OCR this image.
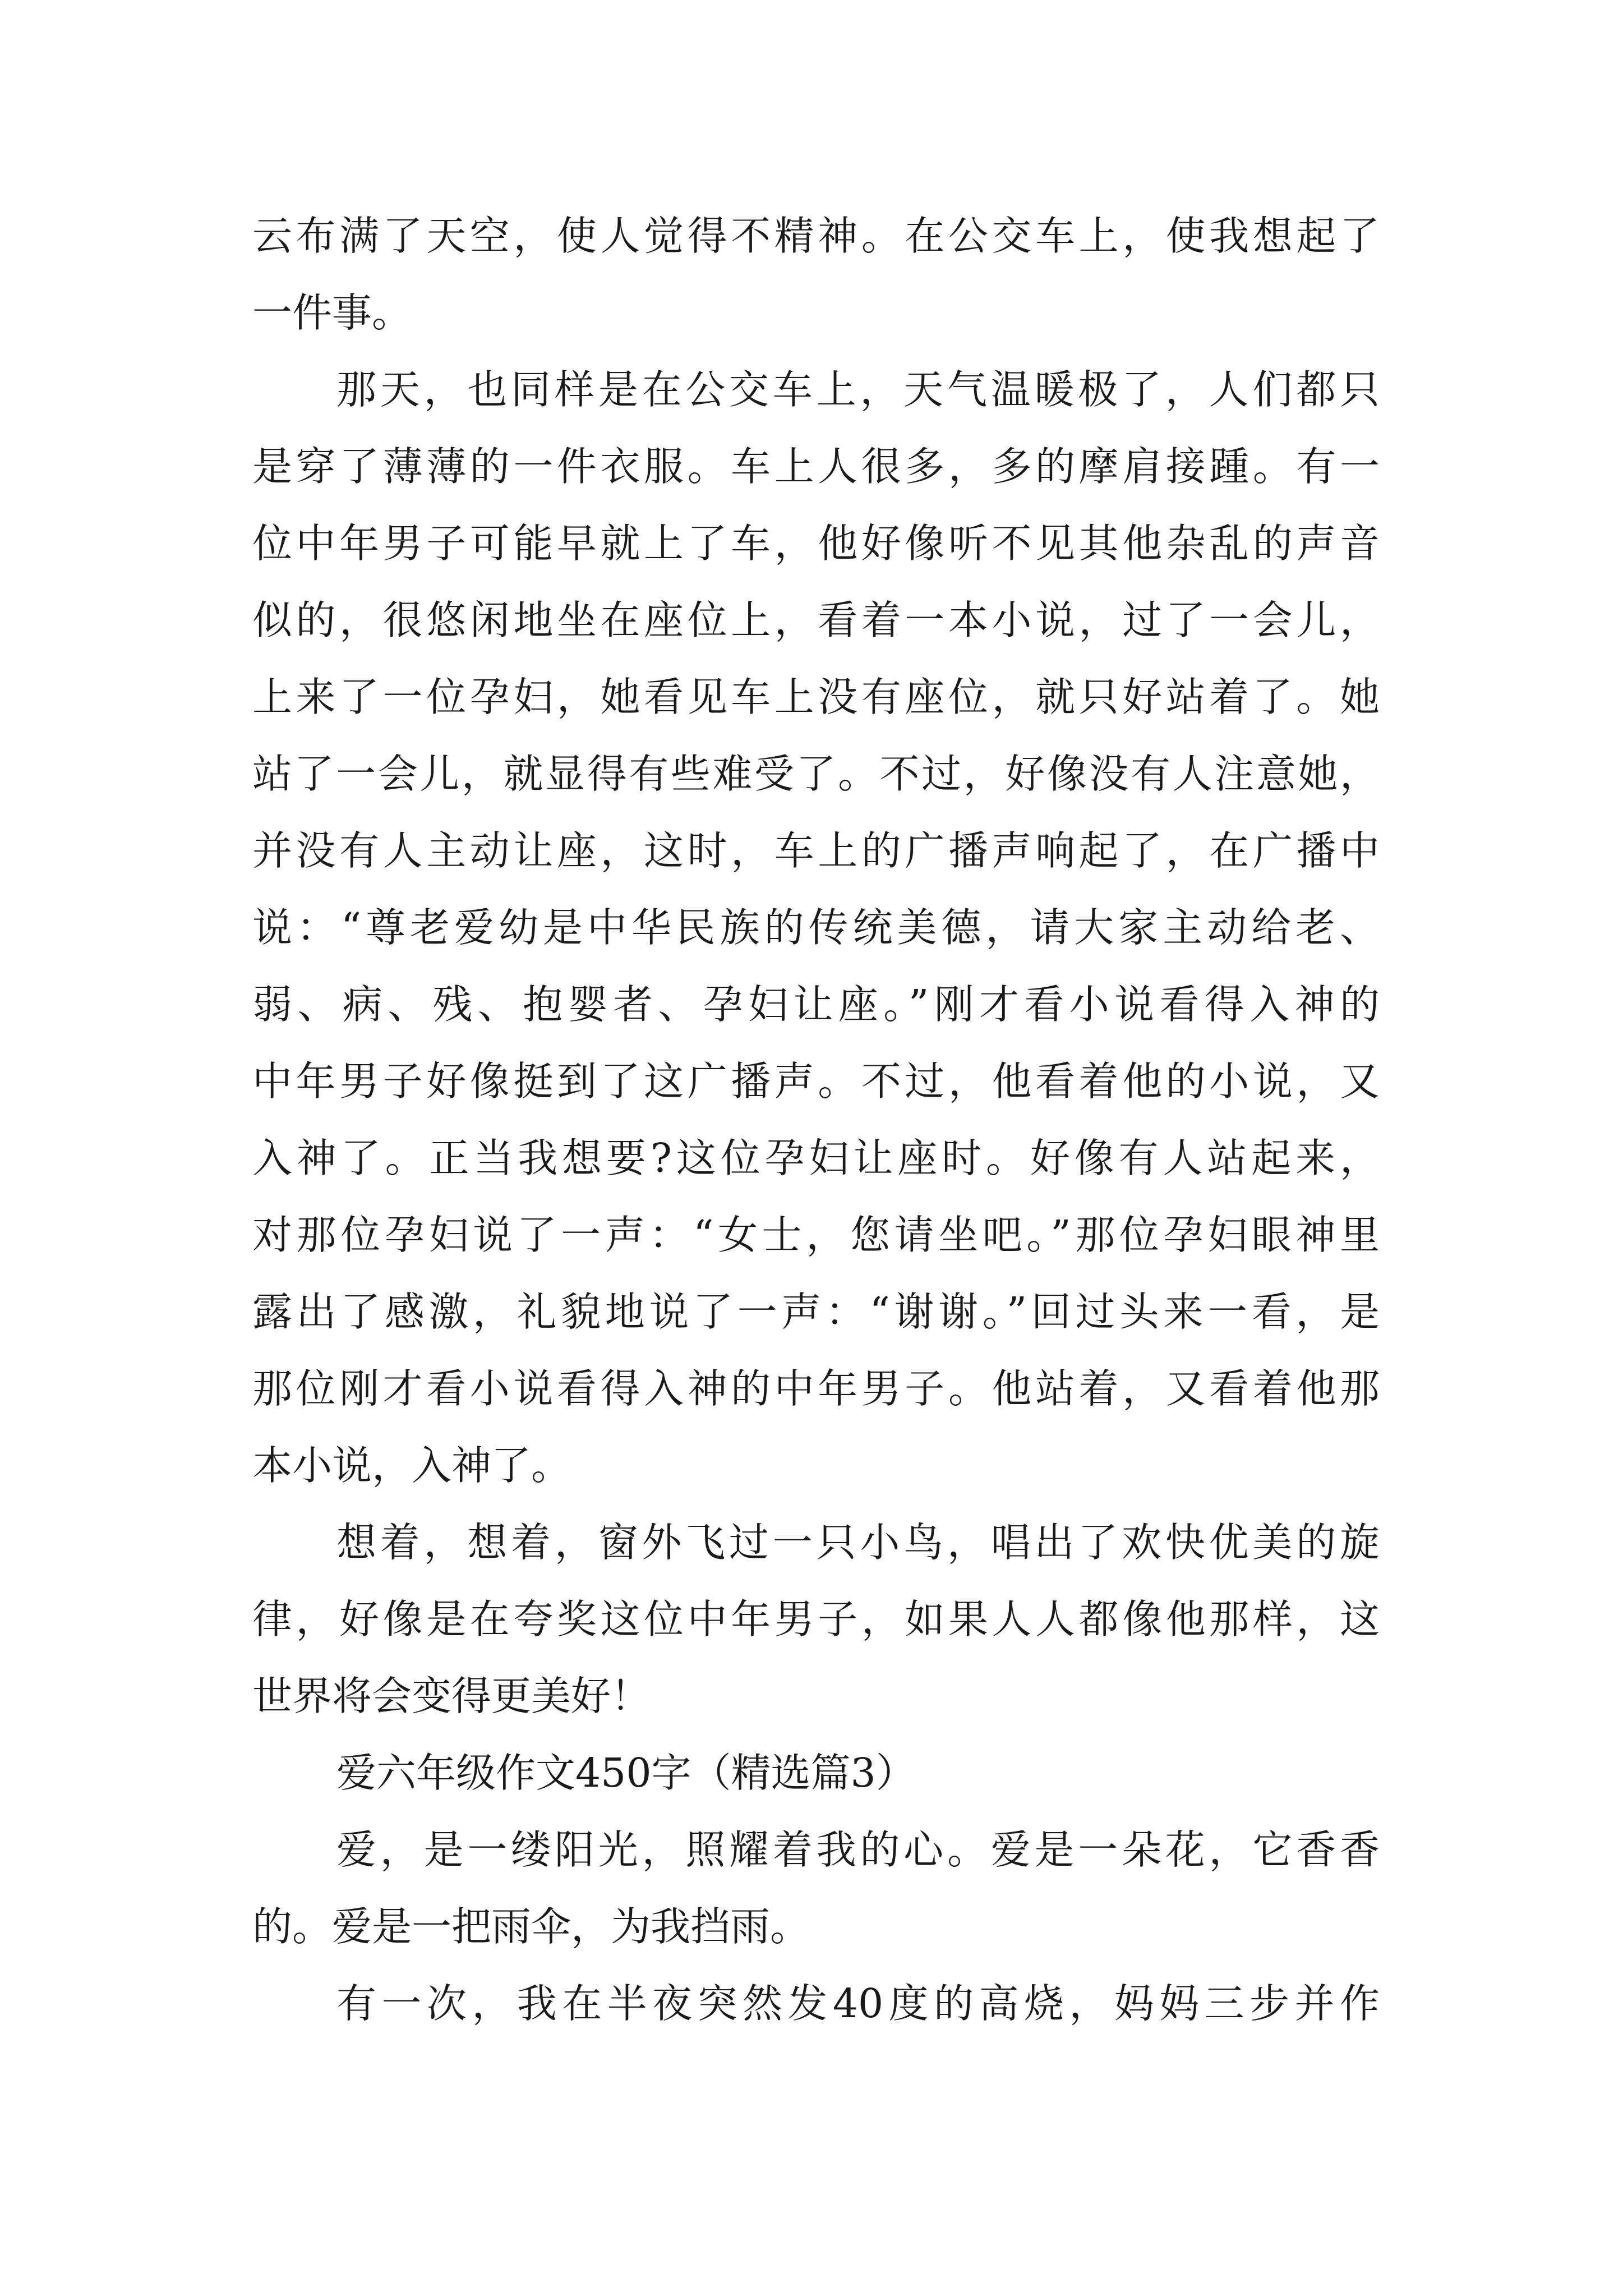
云布满了天空，使人觉得不精神。在公交车上，使我想起了
一件事。
那天，也同样是在公交车上，天气温暖极了，人们都只
是穿了薄薄的一件衣服。车上人很多，多的摩肩接踵。有一
位中年男子可能早就上了车，他好像听不见其他杂乱的声音
似的，很悠闲地坐在座位上，看着一本小说，过了一会儿，
上来了一位孕妇，她看见车上没有座位，就只好站着了。她
站了一会儿，就显得有些难受了。不过，好像没有人注意她，
并没有人主动让座，这时，车上的广播声响起了，在广播中
说：“尊老爱幼是中华民族的传统美德，请大家主动给老、
弱、病、残、抱婴者、孕妇让座。”刚才看小说看得入神的
中年男子好像挺到了这广播声。不过，他看着他的小说，又
入神了。正当我想要?这位孕妇让座时。好像有人站起来，
对那位孕妇说了一声：“女士，您请坐吧。”那位孕妇眼神里
露出了感激，礼貌地说了一声：“谢谢。”回过头来一看，是
那位刚才看小说看得入神的中年男子。他站着，又看着他那
本小说，入神了。
想着，想着，窗外飞过一只小鸟，唱出了欢快优美的旋
律，好像是在夸奖这位中年男子，如果人人都像他那样，这
世界将会变得更美好！
爱六年级作文450字（精选篇3）
爱，是一缕阳光，照耀着我的心。爱是一朵花，它香香
的。爱是一把雨伞，为我挡雨。
有一次，我在半夜突然发40度的高烧，妈妈三步并作
